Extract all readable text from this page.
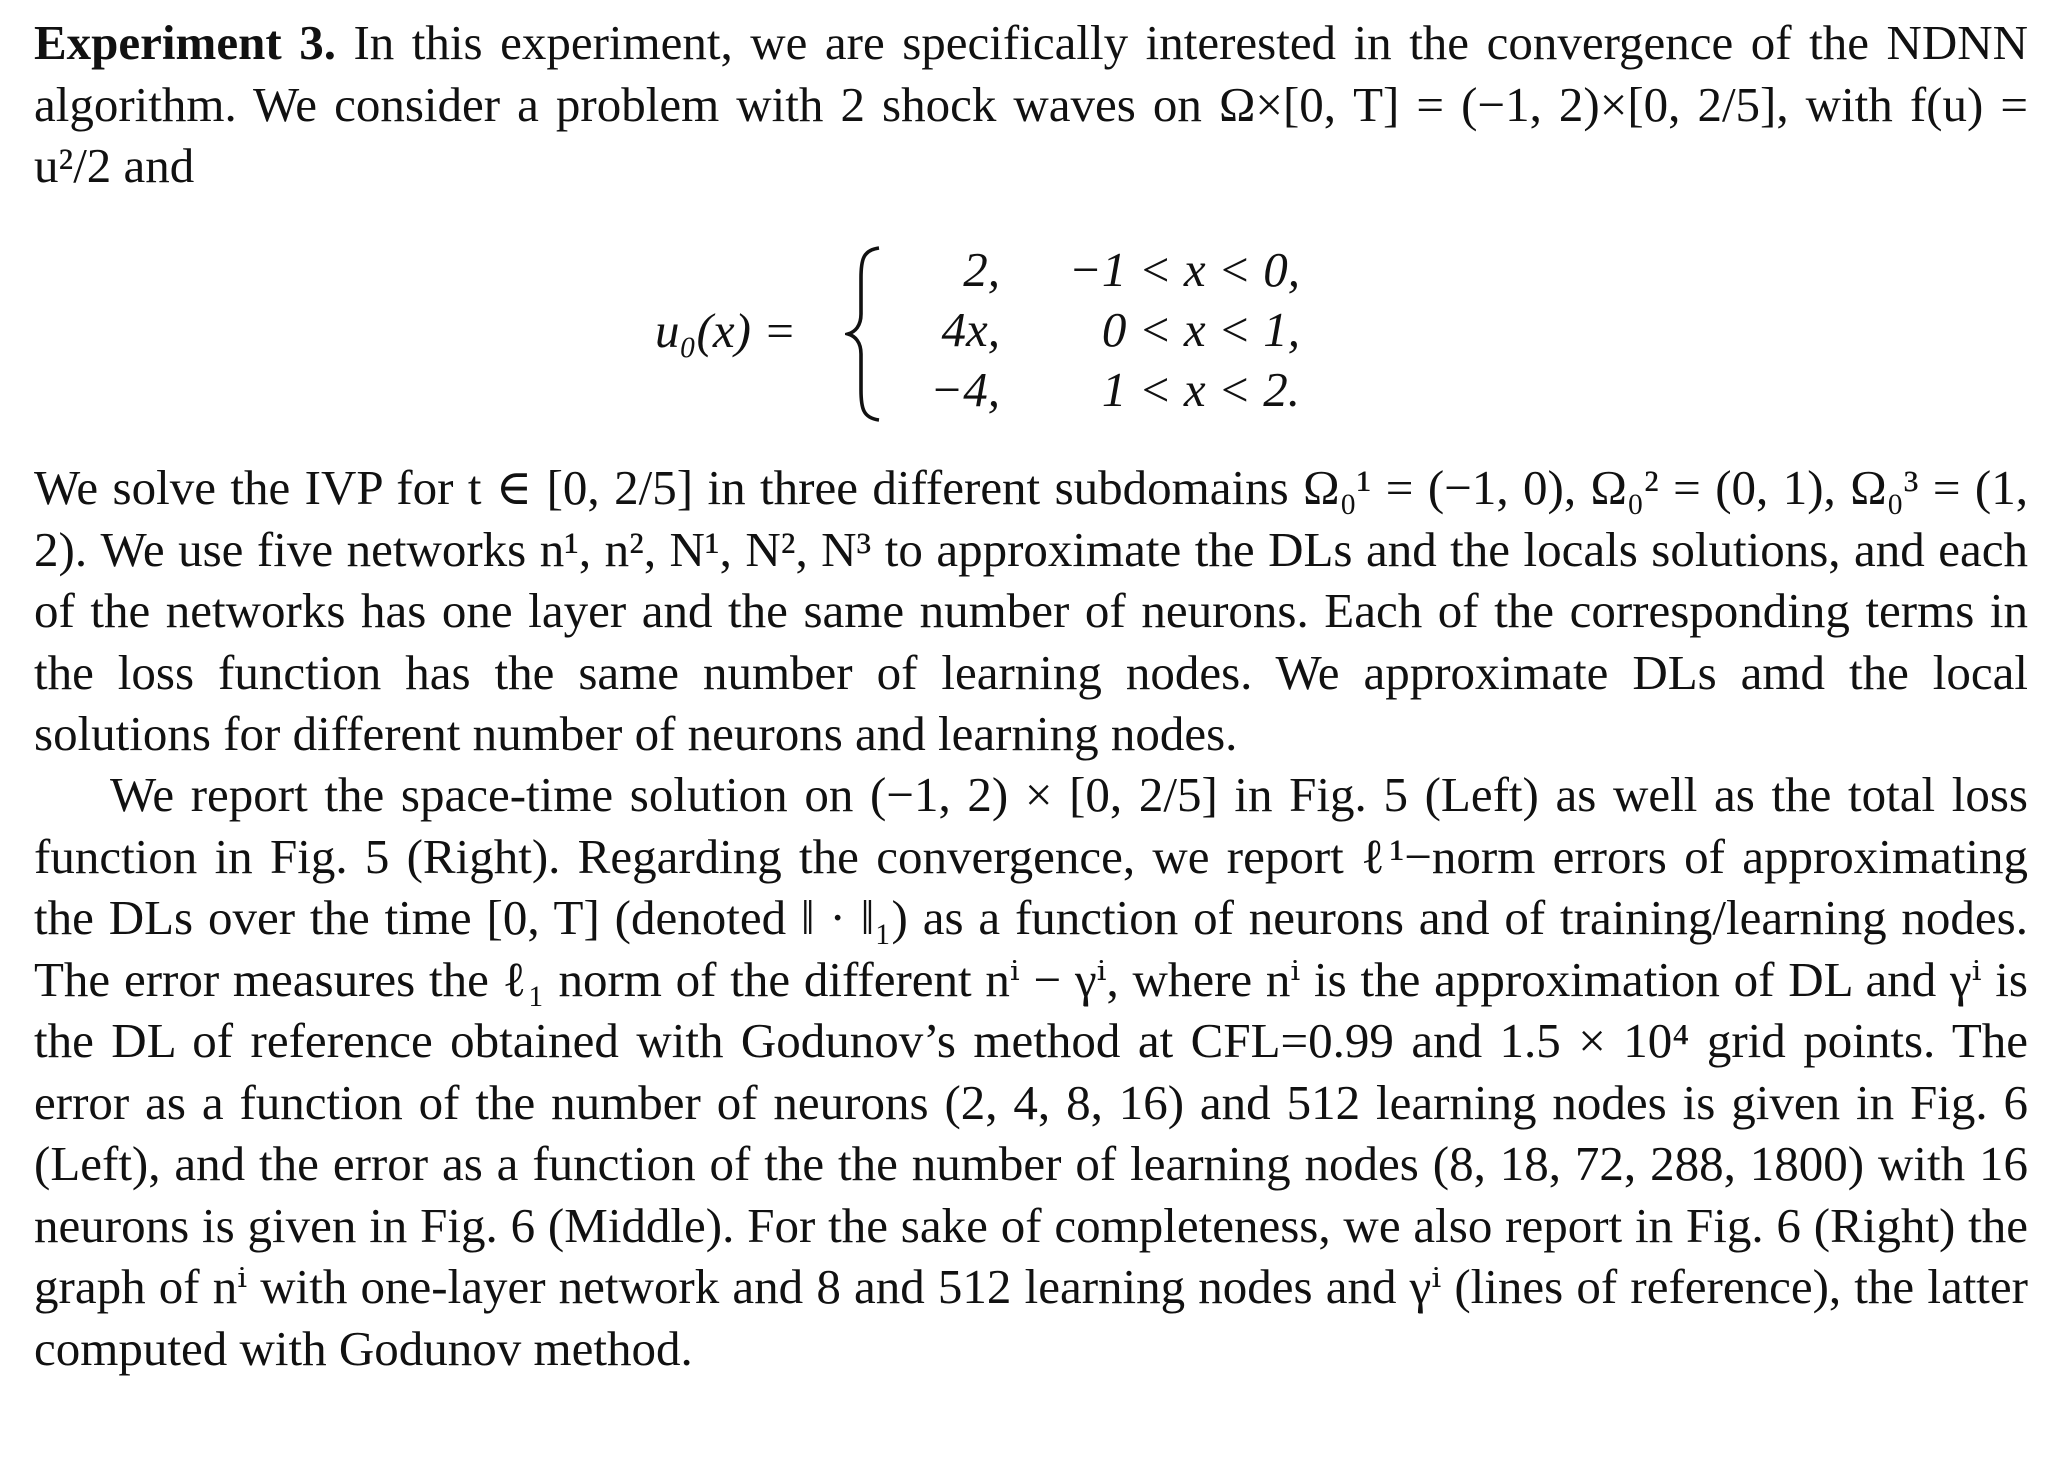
Experiment 3. In this experiment, we are specifically interested in the convergence of the NDNN algorithm. We consider a problem with 2 shock waves on Ω×[0, T] = (−1, 2)×[0, 2/5], with f(u) = u²/2 and

u₀(x) =
2,	−1 < x < 0,
4x,	0 < x < 1,
−4,	1 < x < 2.

We solve the IVP for t ∈ [0, 2/5] in three different subdomains Ω₀¹ = (−1, 0), Ω₀² = (0, 1), Ω₀³ = (1, 2). We use five networks n¹, n², N¹, N², N³ to approximate the DLs and the locals solutions, and each of the networks has one layer and the same number of neurons. Each of the corresponding terms in the loss function has the same number of learning nodes. We approximate DLs amd the local solutions for different number of neurons and learning nodes.

We report the space-time solution on (−1, 2) × [0, 2/5] in Fig. 5 (Left) as well as the total loss function in Fig. 5 (Right). Regarding the convergence, we report ℓ¹−norm errors of approximating the DLs over the time [0, T] (denoted ‖ · ‖₁) as a function of neurons and of training/learning nodes. The error measures the ℓ₁ norm of the different nⁱ − γⁱ, where nⁱ is the approximation of DL and γⁱ is the DL of reference obtained with Godunov’s method at CFL=0.99 and 1.5 × 10⁴ grid points. The error as a function of the number of neurons (2, 4, 8, 16) and 512 learning nodes is given in Fig. 6 (Left), and the error as a function of the the number of learning nodes (8, 18, 72, 288, 1800) with 16 neurons is given in Fig. 6 (Middle). For the sake of completeness, we also report in Fig. 6 (Right) the graph of nⁱ with one-layer network and 8 and 512 learning nodes and γⁱ (lines of reference), the latter computed with Godunov method.
